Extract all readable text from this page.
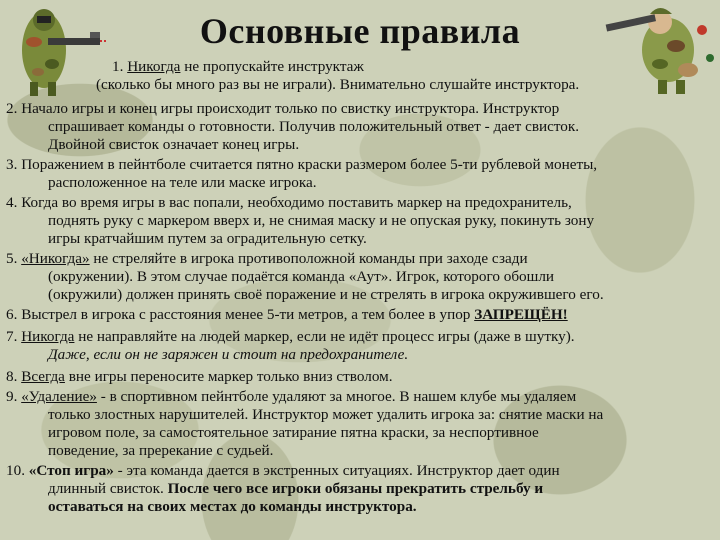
Основные правила
1. Никогда не пропускайте инструктаж
(сколько бы много раз вы не играли). Внимательно слушайте инструктора.
2. Начало игры и конец игры происходит только по свистку инструктора. Инструктор
спрашивает команды о готовности. Получив положительный ответ - дает свисток.
Двойной свисток означает конец игры.
3. Поражением в пейнтболе считается пятно краски размером более 5-ти рублевой монеты,
расположенное на теле или маске игрока.
4. Когда во время игры в вас попали, необходимо поставить маркер на предохранитель,
поднять руку с маркером вверх и, не снимая маску и не опуская руку, покинуть зону
игры кратчайшим путем за оградительную сетку.
5. «Никогда» не стреляйте в игрока противоположной команды при заходе сзади
(окружении). В этом случае подаётся команда «Аут». Игрок, которого обошли
(окружили) должен принять своё поражение и не стрелять в игрока окружившего его.
6. Выстрел в игрока с расстояния менее 5-ти метров, а тем более в упор ЗАПРЕЩЁН!
7. Никогда не направляйте на людей маркер, если не идёт процесс игры (даже в шутку).
Даже, если он не заряжен и стоит на предохранителе.
8. Всегда вне игры переносите маркер только вниз стволом.
9. «Удаление» - в спортивном пейнтболе удаляют за многое. В нашем клубе мы удаляем
только злостных нарушителей. Инструктор может удалить игрока за: снятие маски на
игровом поле, за самостоятельное затирание пятна краски, за неспортивное
поведение, за пререкание с судьей.
10. «Стоп игра» - эта команда дается в экстренных ситуациях. Инструктор дает один
длинный свисток. После чего все игроки обязаны прекратить стрельбу и
оставаться на своих местах до команды инструктора.
